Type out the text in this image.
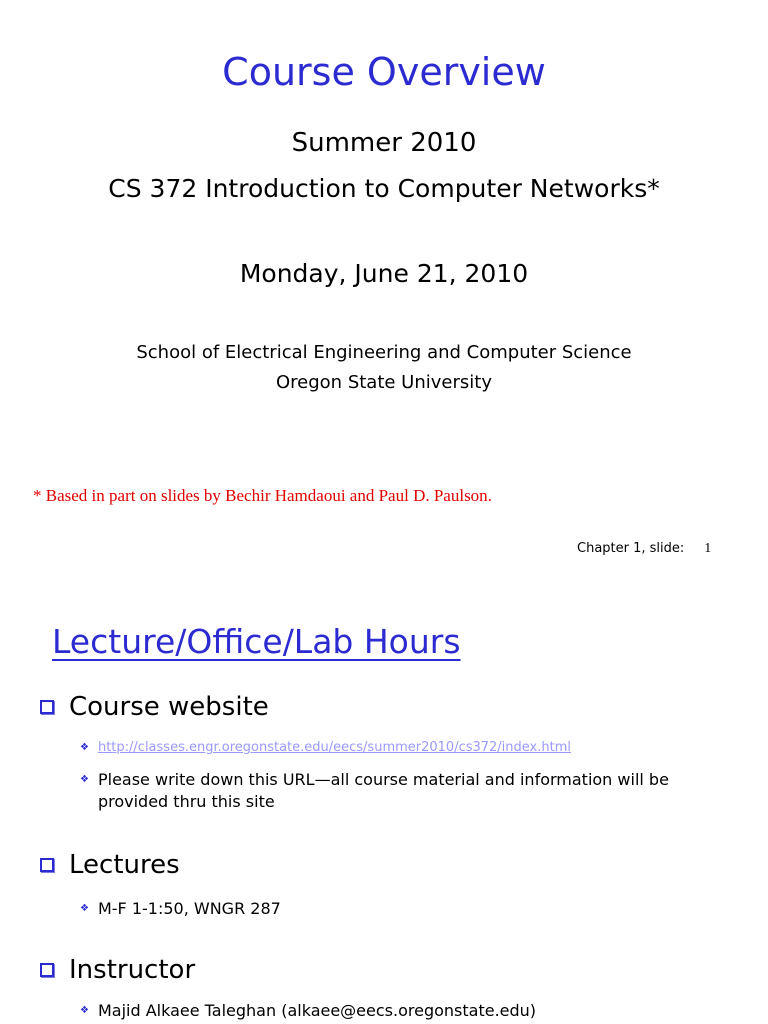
Course Overview
Summer 2010
CS 372 Introduction to Computer Networks*
Monday, June 21, 2010
School of Electrical Engineering and Computer Science
Oregon State University
* Based in part on slides by Bechir Hamdaoui and Paul D. Paulson.
Chapter 1, slide: 1
Lecture/Office/Lab Hours
Course website
❖ http://classes.engr.oregonstate.edu/eecs/summer2010/cs372/index.html
❖ Please write down this URL—all course material and information will be provided thru this site
Lectures
❖ M-F 1-1:50, WNGR 287
Instructor
❖ Majid Alkaee Taleghan (alkaee@eecs.oregonstate.edu)
